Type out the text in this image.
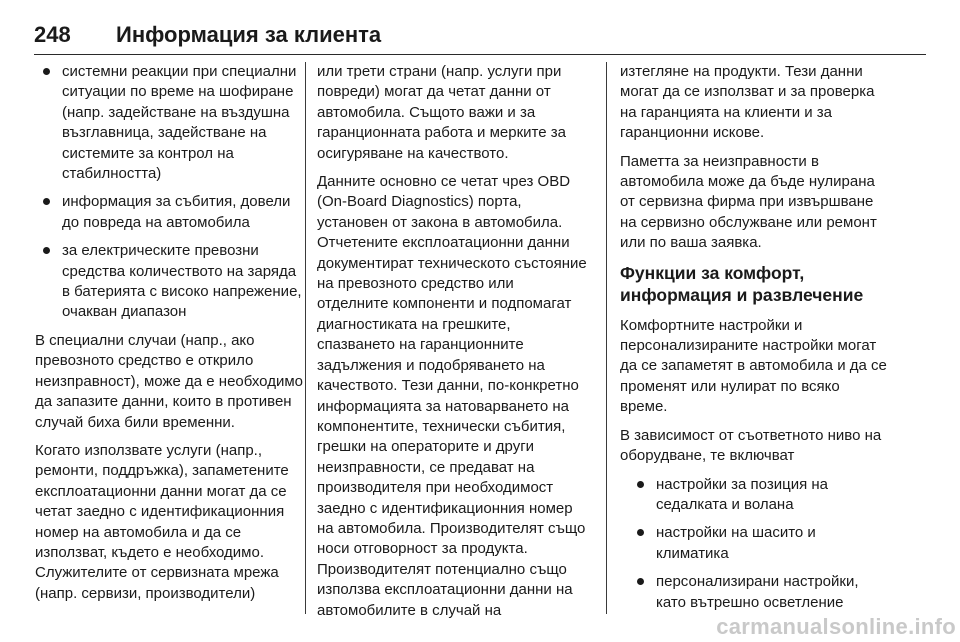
248 Информация за клиента
системни реакции при специални ситуации по време на шофиране (напр. задействане на въздушна възглавница, задействане на системите за контрол на стабилността)
информация за събития, довели до повреда на автомобила
за електрическите превозни средства количеството на заряда в батерията с високо напрежение, очакван диапазон

В специални случаи (напр., ако превозното средство е открило неизправност), може да е необходимо да запазите данни, които в противен случай биха били временни.

Когато използвате услуги (напр., ремонти, поддръжка), запаметените експлоатационни данни могат да се четат заедно с идентификационния номер на автомобила и да се използват, където е необходимо. Служителите от сервизната мрежа (напр. сервизи, производители)

или трети страни (напр. услуги при повреди) могат да четат данни от автомобила. Същото важи и за гаранционната работа и мерките за осигуряване на качеството.

Данните основно се четат чрез OBD (On-Board Diagnostics) порта, установен от закона в автомобила. Отчетените експлоатационни данни документират техническото състояние на превозното средство или отделните компоненти и подпомагат диагностиката на грешките, спазването на гаранционните задължения и подобряването на качеството. Тези данни, по-конкретно информацията за натоварването на компонентите, технически събития, грешки на операторите и други неизправности, се предават на производителя при необходимост заедно с идентификационния номер на автомобила. Производителят също носи отговорност за продукта. Производителят потенциално също използва експлоатационни данни на автомобилите в случай на

изтегляне на продукти. Тези данни могат да се използват и за проверка на гаранцията на клиенти и за гаранционни искове.

Паметта за неизправности в автомобила може да бъде нулирана от сервизна фирма при извършване на сервизно обслужване или ремонт или по ваша заявка.

Функции за комфорт, информация и развлечение

Комфортните настройки и персонализираните настройки могат да се запаметят в автомобила и да се променят или нулират по всяко време.

В зависимост от съответното ниво на оборудване, те включват

настройки за позиция на седалката и волана
настройки на шасито и климатика
персонализирани настройки, като вътрешно осветление
carmanualsonline.info
